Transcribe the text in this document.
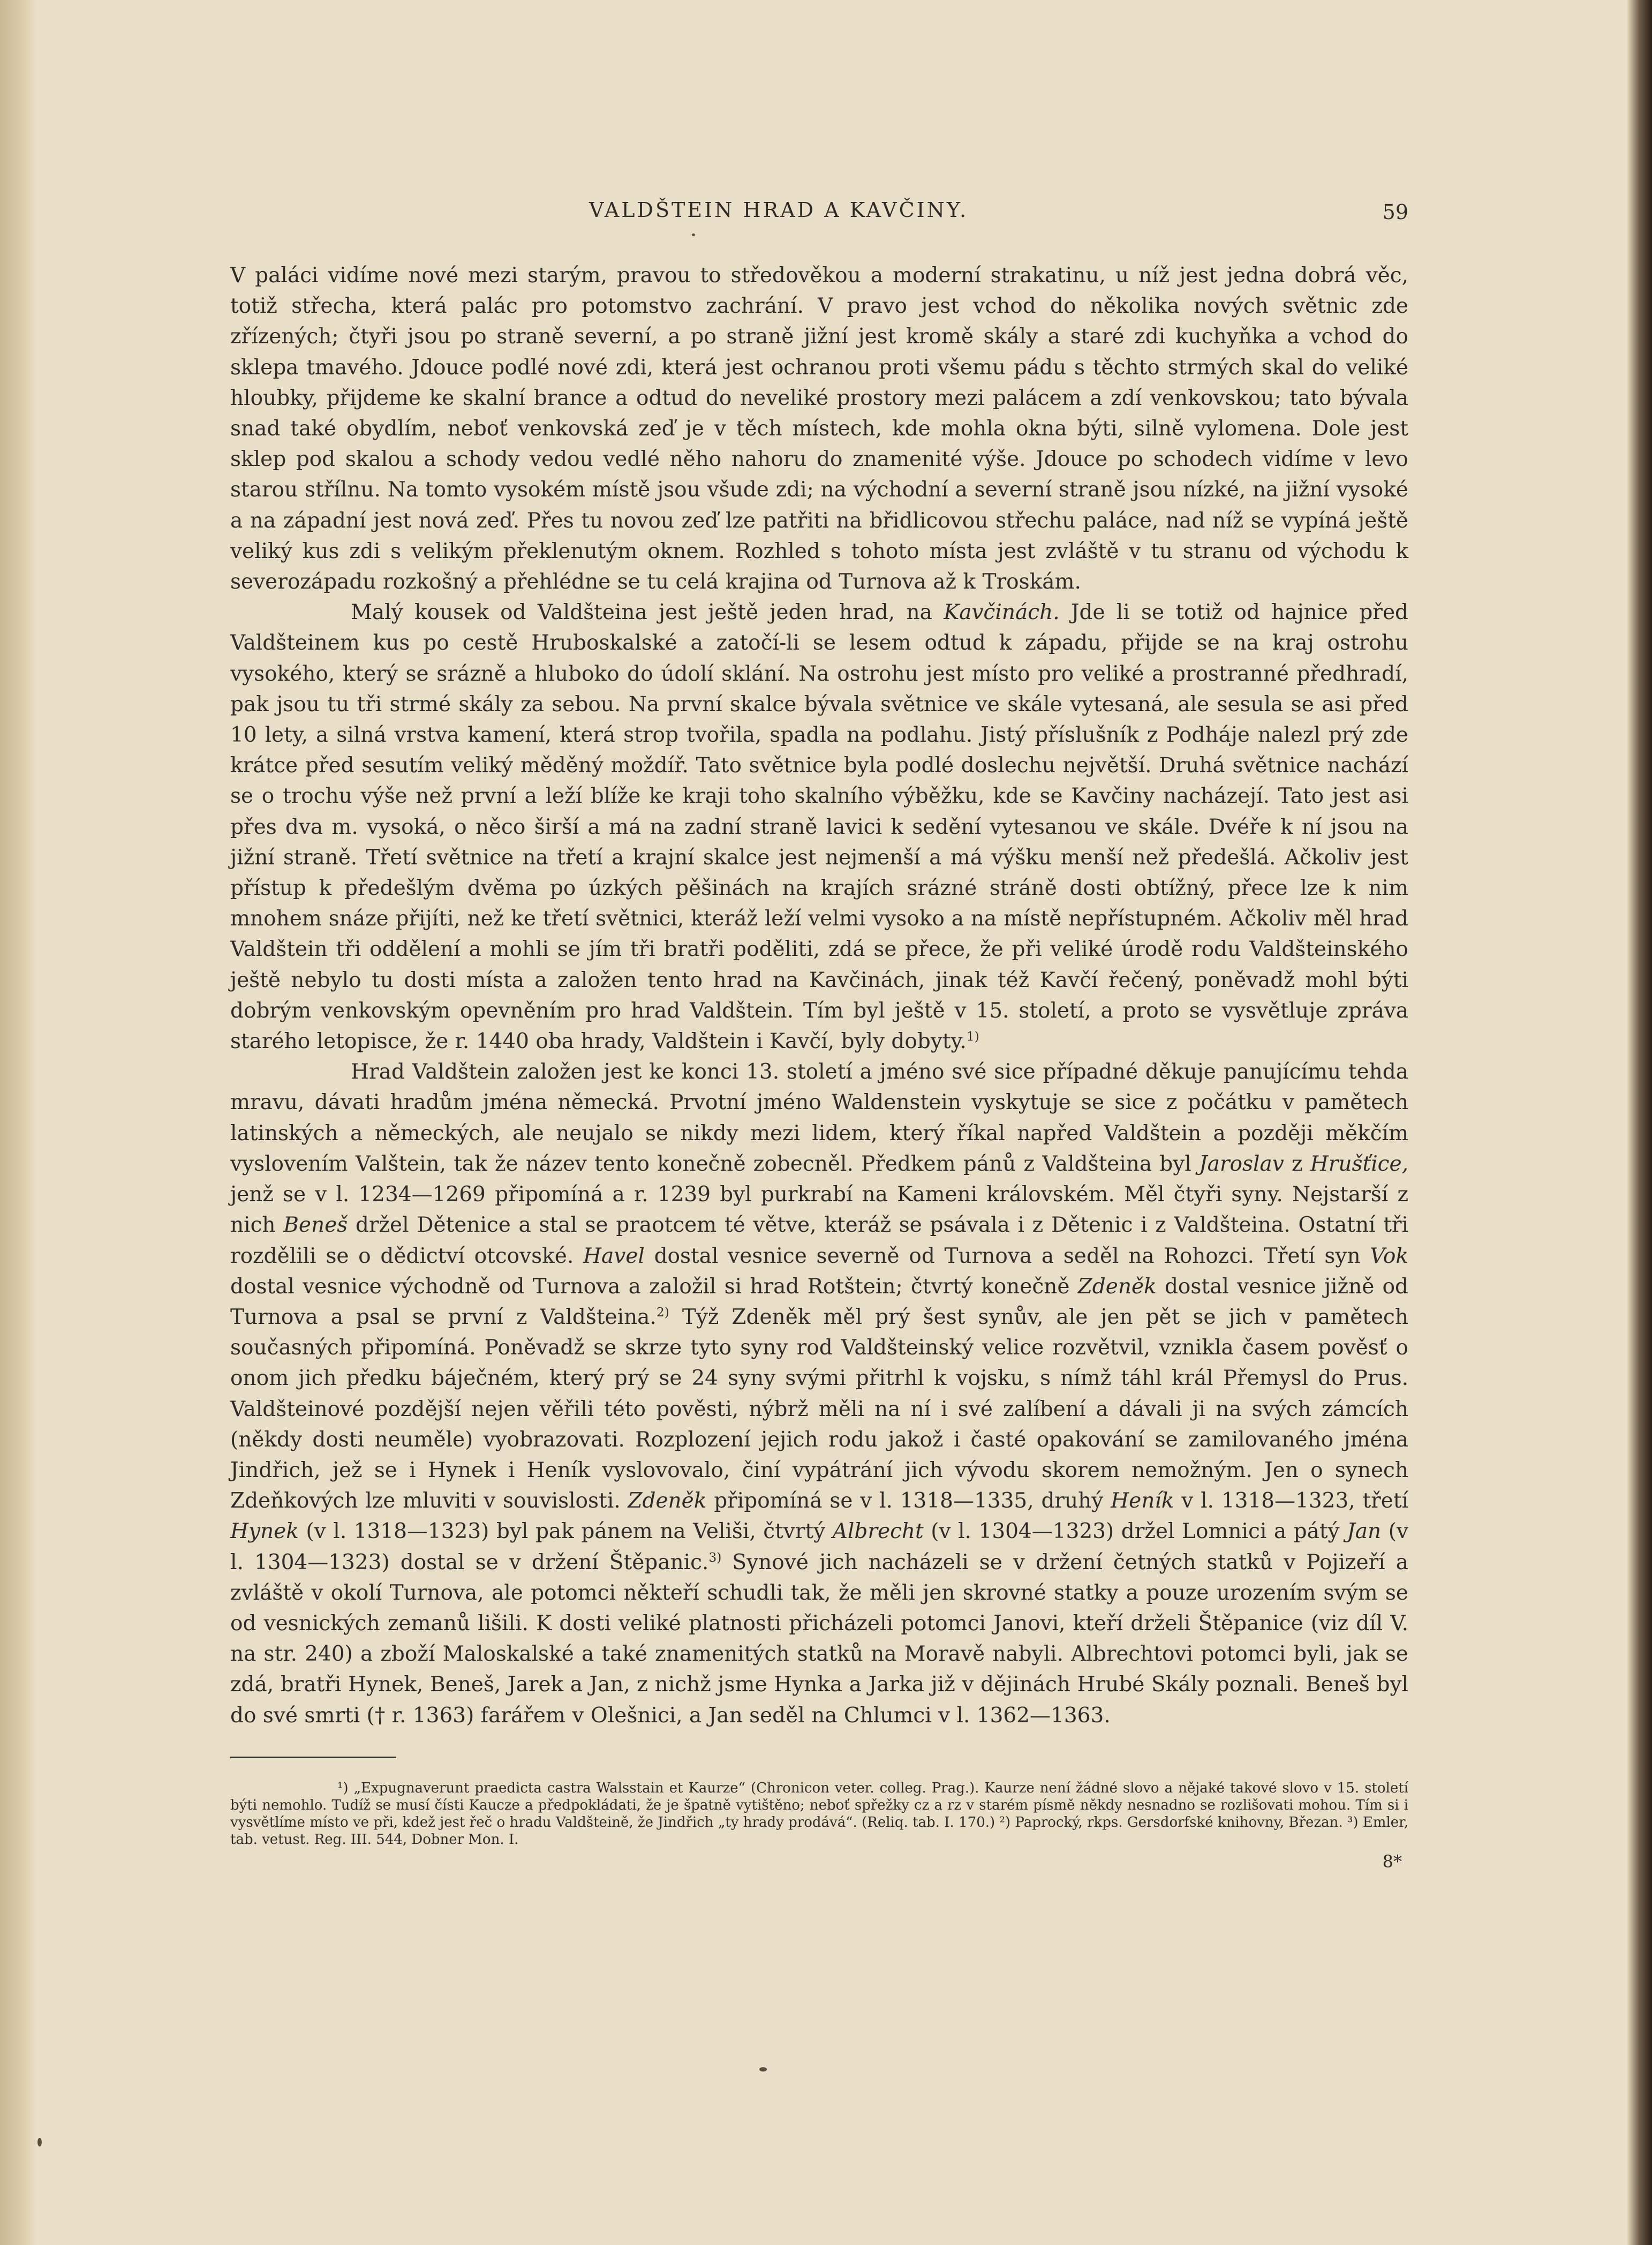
VALDŠTEIN HRAD A KAVČINY.	59

V paláci vidíme nové mezi starým, pravou to středověkou a moderní strakatinu, u níž jest jedna dobrá věc, totiž střecha, která palác pro potomstvo zachrání. V pravo jest vchod do několika nových světnic zde zřízených; čtyři jsou po straně severní, a po straně jižní jest kromě skály a staré zdi kuchyňka a vchod do sklepa tmavého. Jdouce podlé nové zdi, která jest ochranou proti všemu pádu s těchto strmých skal do veliké hloubky, přijdeme ke skalní brance a odtud do neveliké prostory mezi palácem a zdí venkovskou; tato bývala snad také obydlím, neboť venkovská zeď je v těch místech, kde mohla okna býti, silně vylomena. Dole jest sklep pod skalou a schody vedou vedlé něho nahoru do znamenité výše. Jdouce po schodech vidíme v levo starou střílnu. Na tomto vysokém místě jsou všude zdi; na východní a severní straně jsou nízké, na jižní vysoké a na západní jest nová zeď. Přes tu novou zeď lze patřiti na břidlicovou střechu paláce, nad níž se vypíná ještě veliký kus zdi s velikým překlenutým oknem. Rozhled s tohoto místa jest zvláště v tu stranu od východu k severozápadu rozkošný a přehlédne se tu celá krajina od Turnova až k Troskám.

Malý kousek od Valdšteina jest ještě jeden hrad, na Kavčinách. Jde li se totiž od hajnice před Valdšteinem kus po cestě Hruboskalské a zatočí-li se lesem odtud k západu, přijde se na kraj ostrohu vysokého, který se srázně a hluboko do údolí sklání. Na ostrohu jest místo pro veliké a prostranné předhradí, pak jsou tu tři strmé skály za sebou. Na první skalce bývala světnice ve skále vytesaná, ale sesula se asi před 10 lety, a silná vrstva kamení, která strop tvořila, spadla na podlahu. Jistý příslušník z Podháje nalezl prý zde krátce před sesutím veliký měděný moždíř. Tato světnice byla podlé doslechu největší. Druhá světnice nachází se o trochu výše než první a leží blíže ke kraji toho skalního výběžku, kde se Kavčiny nacházejí. Tato jest asi přes dva m. vysoká, o něco širší a má na zadní straně lavici k sedění vytesanou ve skále. Dvéře k ní jsou na jižní straně. Třetí světnice na třetí a krajní skalce jest nejmenší a má výšku menší než předešlá. Ačkoliv jest přístup k předešlým dvěma po úzkých pěšinách na krajích srázné stráně dosti obtížný, přece lze k nim mnohem snáze přijíti, než ke třetí světnici, kteráž leží velmi vysoko a na místě nepřístupném. Ačkoliv měl hrad Valdštein tři oddělení a mohli se jím tři bratři poděliti, zdá se přece, že při veliké úrodě rodu Valdšteinského ještě nebylo tu dosti místa a založen tento hrad na Kavčinách, jinak též Kavčí řečený, poněvadž mohl býti dobrým venkovským opevněním pro hrad Valdštein. Tím byl ještě v 15. století, a proto se vysvětluje zpráva starého letopisce, že r. 1440 oba hrady, Valdštein i Kavčí, byly dobyty.$^{1)}$

Hrad Valdštein založen jest ke konci 13. století a jméno své sice případné děkuje panujícímu tehda mravu, dávati hradům jména německá. Prvotní jméno Waldenstein vyskytuje se sice z počátku v pamětech latinských a německých, ale neujalo se nikdy mezi lidem, který říkal napřed Valdštein a později měkčím vyslovením Valštein, tak že název tento konečně zobecněl. Předkem pánů z Valdšteina byl Jaroslav z Hrušťice, jenž se v l. 1234—1269 připomíná a r. 1239 byl purkrabí na Kameni královském. Měl čtyři syny. Nejstarší z nich Beneš držel Dětenice a stal se praotcem té větve, kteráž se psávala i z Dětenic i z Valdšteina. Ostatní tři rozdělili se o dědictví otcovské. Havel dostal vesnice severně od Turnova a seděl na Rohozci. Třetí syn Vok dostal vesnice východně od Turnova a založil si hrad Rotštein; čtvrtý konečně Zdeněk dostal vesnice jižně od Turnova a psal se první z Valdšteina.$^{2)}$ Týž Zdeněk měl prý šest synův, ale jen pět se jich v pamětech současných připomíná. Poněvadž se skrze tyto syny rod Valdšteinský velice rozvětvil, vznikla časem pověsť o onom jich předku báječném, který prý se 24 syny svými přitrhl k vojsku, s nímž táhl král Přemysl do Prus. Valdšteinové pozdější nejen věřili této pověsti, nýbrž měli na ní i své zalíbení a dávali ji na svých zámcích (někdy dosti neuměle) vyobrazovati. Rozplození jejich rodu jakož i časté opakování se zamilovaného jména Jindřich, jež se i Hynek i Heník vyslovovalo, činí vypátrání jich vývodu skorem nemožným. Jen o synech Zdeňkových lze mluviti v souvislosti. Zdeněk připomíná se v l. 1318—1335, druhý Heník v l. 1318—1323, třetí Hynek (v l. 1318—1323) byl pak pánem na Veliši, čtvrtý Albrecht (v l. 1304—1323) držel Lomnici a pátý Jan (v l. 1304—1323) dostal se v držení Štěpanic.$^{3)}$ Synové jich nacházeli se v držení četných statků v Pojizeří a zvláště v okolí Turnova, ale potomci někteří schudli tak, že měli jen skrovné statky a pouze urozením svým se od vesnických zemanů lišili. K dosti veliké platnosti přicházeli potomci Janovi, kteří drželi Štěpanice (viz díl V. na str. 240) a zboží Maloskalské a také znamenitých statků na Moravě nabyli. Albrechtovi potomci byli, jak se zdá, bratři Hynek, Beneš, Jarek a Jan, z nichž jsme Hynka a Jarka již v dějinách Hrubé Skály poznali. Beneš byl do své smrti († r. 1363) farářem v Olešnici, a Jan seděl na Chlumci v l. 1362—1363.

¹) „Expugnaverunt praedicta castra Walsstain et Kaurze“ (Chronicon veter. colleg. Prag.). Kaurze není žádné slovo a nějaké takové slovo v 15. století býti nemohlo. Tudíž se musí čísti Kaucze a předpokládati, že je špatně vytištěno; neboť spřežky cz a rz v starém písmě někdy nesnadno se rozlišovati mohou. Tím si i vysvětlíme místo ve při, kdež jest řeč o hradu Valdšteině, že Jindřich „ty hrady prodává“. (Reliq. tab. I. 170.) ²) Paprocký, rkps. Gersdorfské knihovny, Březan. ³) Emler, tab. vetust. Reg. III. 544, Dobner Mon. I.

8*
